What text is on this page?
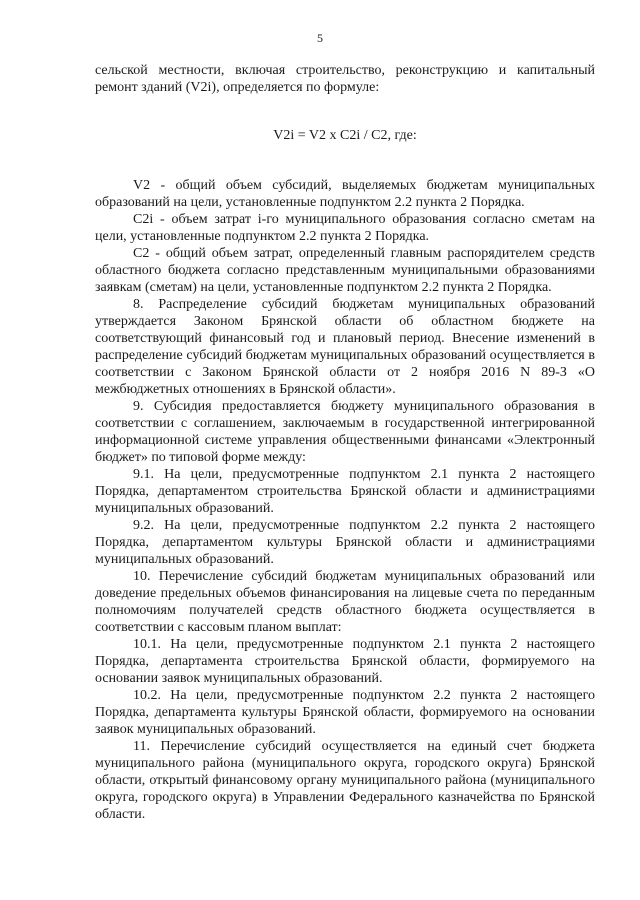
5

сельской местности, включая строительство, реконструкцию и капитальный ремонт зданий (V2i), определяется по формуле:

V2i = V2 x C2i / C2, где:

V2 - общий объем субсидий, выделяемых бюджетам муниципальных образований на цели, установленные подпунктом 2.2 пункта 2 Порядка.

C2i - объем затрат i-го муниципального образования согласно сметам на цели, установленные подпунктом 2.2 пункта 2 Порядка.

C2 - общий объем затрат, определенный главным распорядителем средств областного бюджета согласно представленным муниципальными образованиями заявкам (сметам) на цели, установленные подпунктом 2.2 пункта 2 Порядка.

8. Распределение субсидий бюджетам муниципальных образований утверждается Законом Брянской области об областном бюджете на соответствующий финансовый год и плановый период. Внесение изменений в распределение субсидий бюджетам муниципальных образований осуществляется в соответствии с Законом Брянской области от 2 ноября 2016 N 89-З «О межбюджетных отношениях в Брянской области».

9. Субсидия предоставляется бюджету муниципального образования в соответствии с соглашением, заключаемым в государственной интегрированной информационной системе управления общественными финансами «Электронный бюджет» по типовой форме между:

9.1. На цели, предусмотренные подпунктом 2.1 пункта 2 настоящего Порядка, департаментом строительства Брянской области и администрациями муниципальных образований.

9.2. На цели, предусмотренные подпунктом 2.2 пункта 2 настоящего Порядка, департаментом культуры Брянской области и администрациями муниципальных образований.

10. Перечисление субсидий бюджетам муниципальных образований или доведение предельных объемов финансирования на лицевые счета по переданным полномочиям получателей средств областного бюджета осуществляется в соответствии с кассовым планом выплат:

10.1. На цели, предусмотренные подпунктом 2.1 пункта 2 настоящего Порядка, департамента строительства Брянской области, формируемого на основании заявок муниципальных образований.

10.2. На цели, предусмотренные подпунктом 2.2 пункта 2 настоящего Порядка, департамента культуры Брянской области, формируемого на основании заявок муниципальных образований.

11. Перечисление субсидий осуществляется на единый счет бюджета муниципального района (муниципального округа, городского округа) Брянской области, открытый финансовому органу муниципального района (муниципального округа, городского округа) в Управлении Федерального казначейства по Брянской области.
